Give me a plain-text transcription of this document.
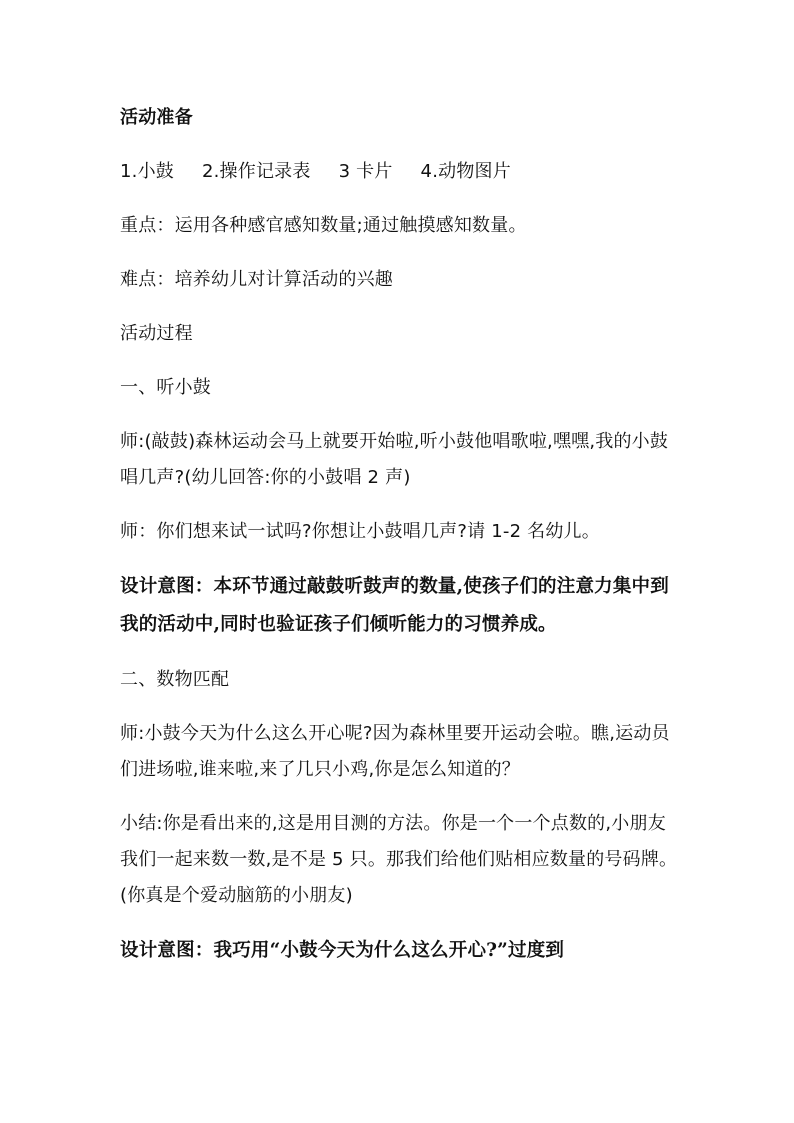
活动准备

1.小鼓 2.操作记录表 3 卡片 4.动物图片

重点：运用各种感官感知数量;通过触摸感知数量。

难点：培养幼儿对计算活动的兴趣

活动过程

一、听小鼓

师:(敲鼓)森林运动会马上就要开始啦,听小鼓他唱歌啦,嘿嘿,我的小鼓唱几声?(幼儿回答:你的小鼓唱 2 声)

师：你们想来试一试吗?你想让小鼓唱几声?请 1-2 名幼儿。

设计意图：本环节通过敲鼓听鼓声的数量,使孩子们的注意力集中到我的活动中,同时也验证孩子们倾听能力的习惯养成。

二、数物匹配

师:小鼓今天为什么这么开心呢?因为森林里要开运动会啦。瞧,运动员们进场啦,谁来啦,来了几只小鸡,你是怎么知道的？

小结:你是看出来的,这是用目测的方法。你是一个一个点数的,小朋友我们一起来数一数,是不是 5 只。那我们给他们贴相应数量的号码牌。(你真是个爱动脑筋的小朋友)

设计意图：我巧用“小鼓今天为什么这么开心?”过度到
